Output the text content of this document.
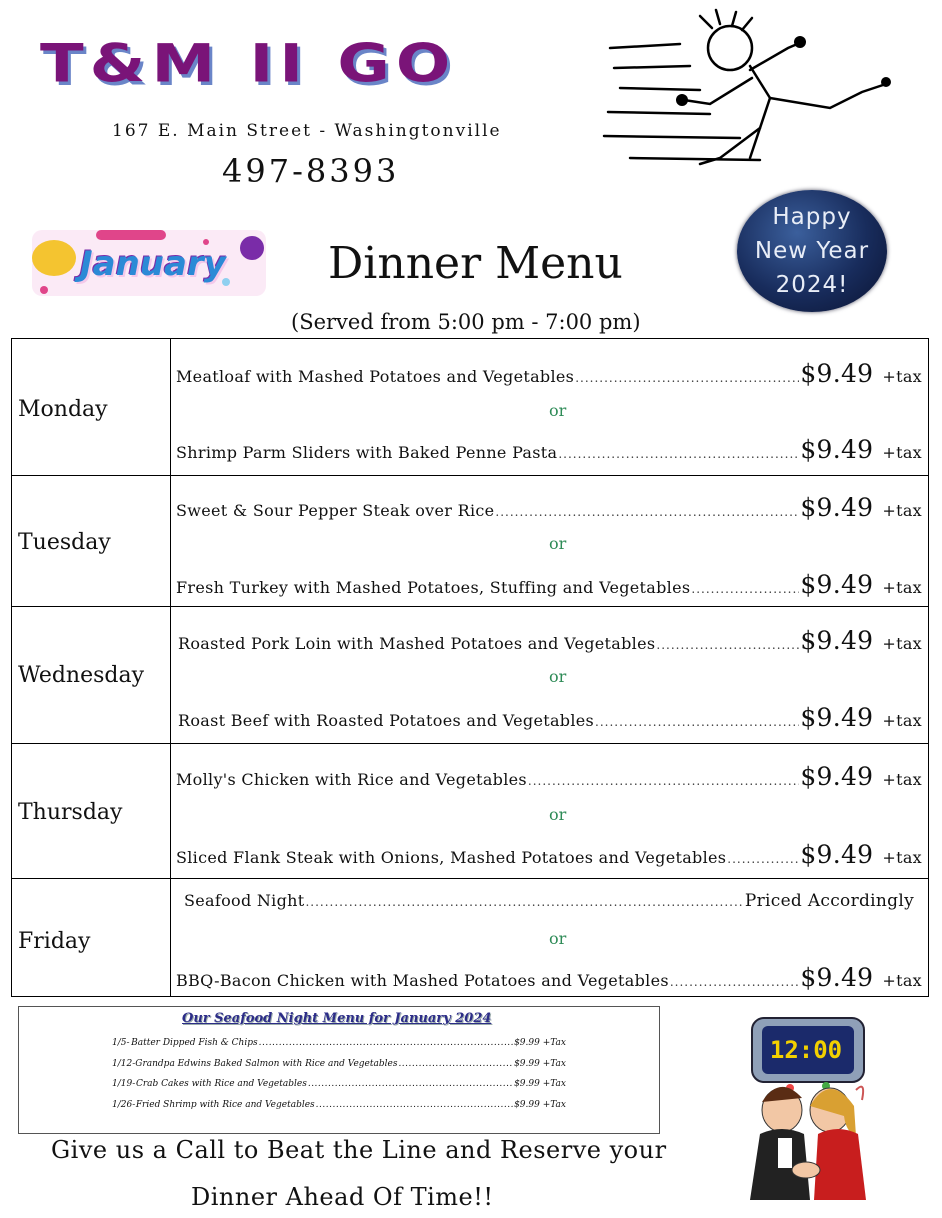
T&M II GO
167 E. Main Street - Washingtonville
497-8393
January Dinner Menu
(Served from 5:00 pm - 7:00 pm)
Happy
New Year
2024!
Monday
Meatloaf with Mashed Potatoes and Vegetables .....	$9.49 +tax
or
Shrimp Parm Sliders with Baked Penne Pasta .....	$9.49 +tax
Tuesday
Sweet & Sour Pepper Steak over Rice .....	$9.49 +tax
or
Fresh Turkey with Mashed Potatoes, Stuffing and Vegetables .....	$9.49 +tax
Wednesday
Roasted Pork Loin with Mashed Potatoes and Vegetables .....	$9.49 +tax
or
Roast Beef with Roasted Potatoes and Vegetables .....	$9.49 +tax
Thursday
Molly's Chicken with Rice and Vegetables .....	$9.49 +tax
or
Sliced Flank Steak with Onions, Mashed Potatoes and Vegetables .....	$9.49 +tax
Friday
Seafood Night .....	Priced Accordingly
or
BBQ-Bacon Chicken with Mashed Potatoes and Vegetables .....	$9.49 +tax
Our Seafood Night Menu for January 2024
1/5 - Batter Dipped Fish & Chips .....	$9.99
+Tax
1/12 - Grandpa Edwins Baked Salmon with Rice and Vegetables .....	$9.99
+Tax
1/19 - Crab Cakes with Rice and Vegetables .....	$9.99
+Tax
1/26 - Fried Shrimp with Rice and Vegetables .....	$9.99
+Tax
Give us a Call to Beat the Line and Reserve your
Dinner Ahead Of Time!!
12:00
